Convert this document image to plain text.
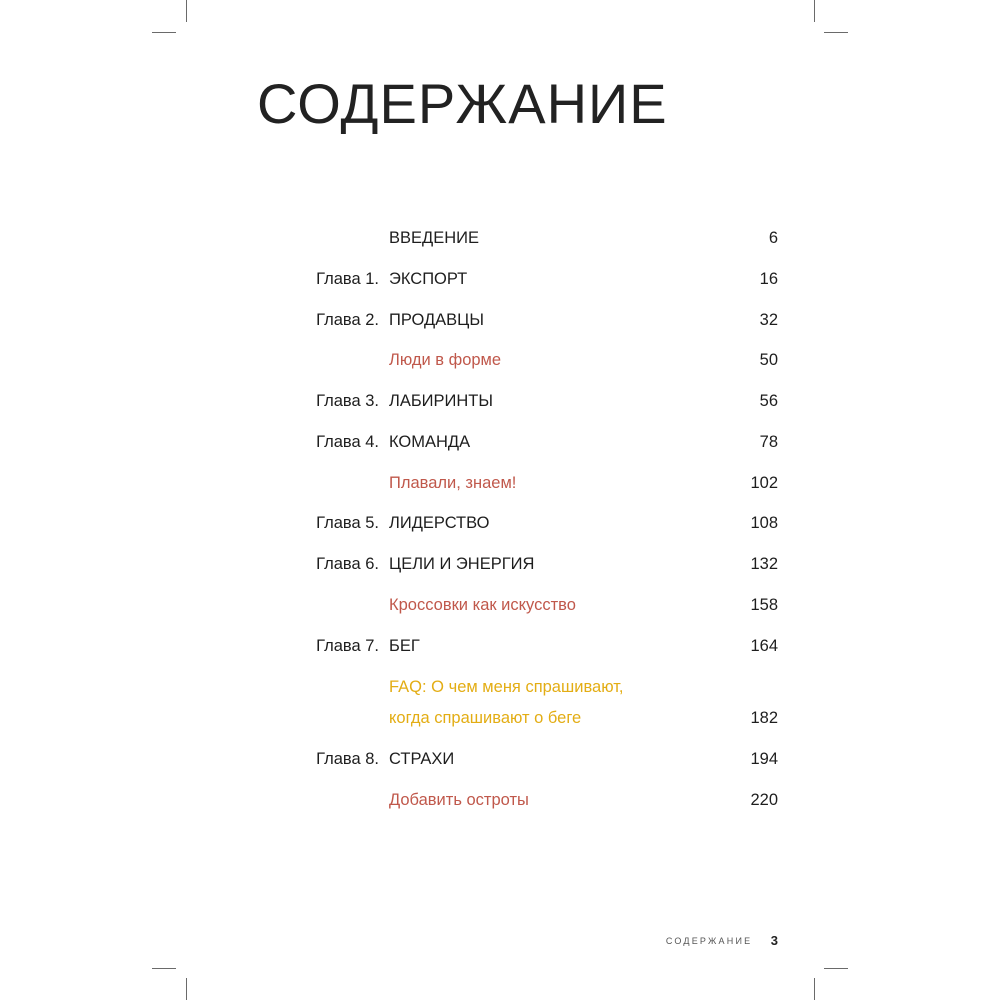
СОДЕРЖАНИЕ
ВВЕДЕНИЕ	6
Глава 1. ЭКСПОРТ	16
Глава 2. ПРОДАВЦЫ	32
Люди в форме	50
Глава 3. ЛАБИРИНТЫ	56
Глава 4. КОМАНДА	78
Плавали, знаем!	102
Глава 5. ЛИДЕРСТВО	108
Глава 6. ЦЕЛИ И ЭНЕРГИЯ	132
Кроссовки как искусство	158
Глава 7. БЕГ	164
FAQ: О чем меня спрашивают,
когда спрашивают о беге	182
Глава 8. СТРАХИ	194
Добавить остроты	220
СОДЕРЖАНИЕ 3
